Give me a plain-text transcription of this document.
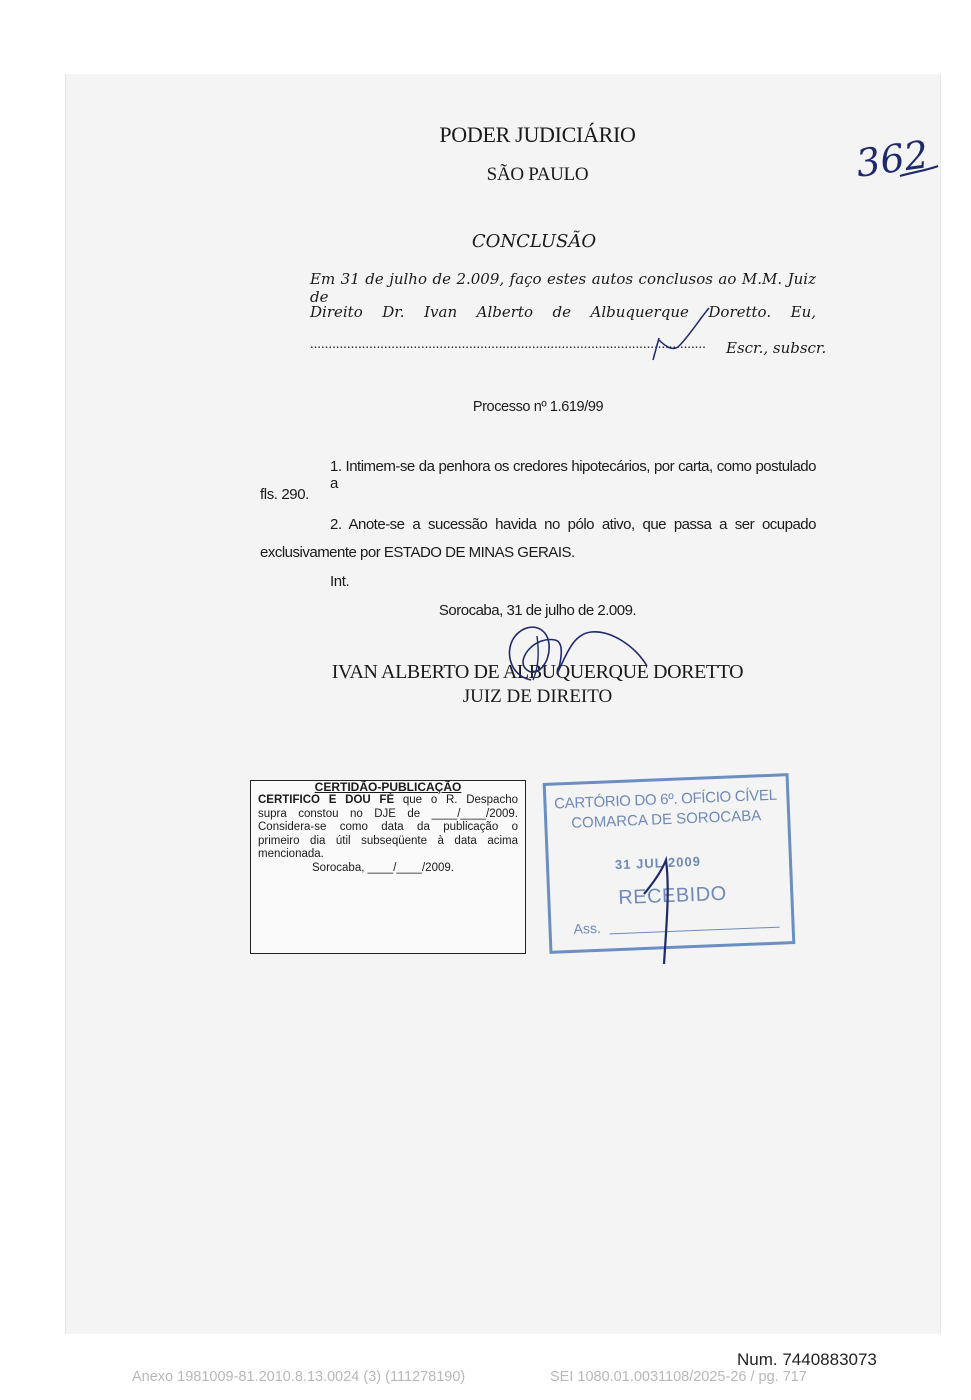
PODER JUDICIÁRIO
SÃO PAULO	362
CONCLUSÃO
Em 31 de julho de 2.009, faço estes autos conclusos ao M.M. Juiz de
Direito Dr. Ivan Alberto de Albuquerque Doretto. Eu,
...........................................................................................................	Escr., subscr.
Processo nº 1.619/99
1. Intimem-se da penhora os credores hipotecários, por carta, como postulado a
fls. 290.
2. Anote-se a sucessão havida no pólo ativo, que passa a ser ocupado
exclusivamente por ESTADO DE MINAS GERAIS.
Int.
Sorocaba, 31 de julho de 2.009.
IVAN ALBERTO DE ALBUQUERQUE DORETTO
JUIZ DE DIREITO
CERTIDÃO-PUBLICAÇÃO
CERTIFICO E DOU FÉ que o R. Despacho
supra constou no DJE de ____/____/2009.
Considera-se como data da publicação o
primeiro dia útil subseqüente à data acima
mencionada.
Sorocaba, ____/____/2009.
CARTÓRIO DO 6º. OFÍCIO CÍVEL
COMARCA DE SOROCABA
31 JUL 2009
RECEBIDO
Ass.
Num. 7440883073
Anexo 1981009-81.2010.8.13.0024 (3) (111278190)	SEI 1080.01.0031108/2025-26 / pg. 717
